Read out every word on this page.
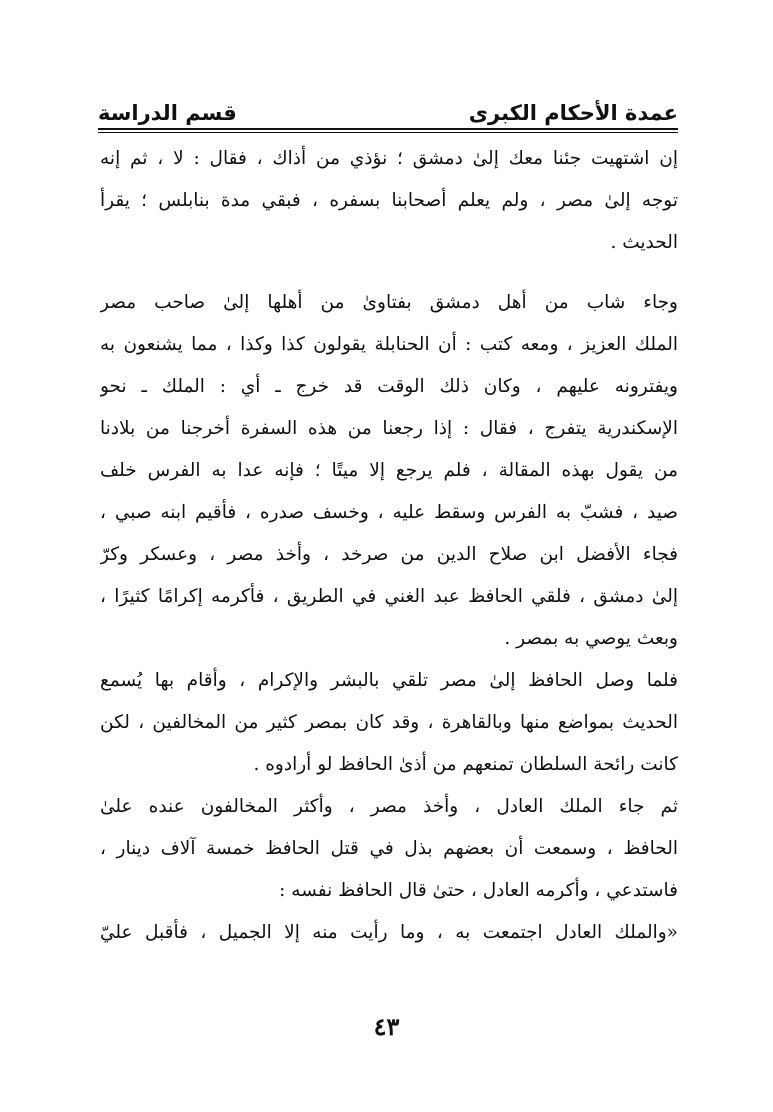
عمدة الأحكام الكبرى
قسم الدراسة
إن اشتهيت جئنا معك إلىٰ دمشق ؛ نؤذي من أذاك ، فقال : لا ، ثم إنه
توجه إلىٰ مصر ، ولم يعلم أصحابنا بسفره ، فبقي مدة بنابلس ؛ يقرأ
الحديث .
وجاء شاب من أهل دمشق بفتاوىٰ من أهلها إلىٰ صاحب مصر
الملك العزيز ، ومعه كتب : أن الحنابلة يقولون كذا وكذا ، مما يشنعون به
ويفترونه عليهم ، وكان ذلك الوقت قد خرج ـ أي : الملك ـ نحو
الإسكندرية يتفرج ، فقال : إذا رجعنا من هذه السفرة أخرجنا من بلادنا
من يقول بهذه المقالة ، فلم يرجع إلا ميتًا ؛ فإنه عدا به الفرس خلف
صيد ، فشبّ به الفرس وسقط عليه ، وخسف صدره ، فأقيم ابنه صبي ،
فجاء الأفضل ابن صلاح الدين من صرخد ، وأخذ مصر ، وعسكر وكرّ
إلىٰ دمشق ، فلقي الحافظ عبد الغني في الطريق ، فأكرمه إكرامًا كثيرًا ،
وبعث يوصي به بمصر .
فلما وصل الحافظ إلىٰ مصر تلقي بالبشر والإكرام ، وأقام بها يُسمع
الحديث بمواضع منها وبالقاهرة ، وقد كان بمصر كثير من المخالفين ، لكن
كانت رائحة السلطان تمنعهم من أذىٰ الحافظ لو أرادوه .
ثم جاء الملك العادل ، وأخذ مصر ، وأكثر المخالفون عنده علىٰ
الحافظ ، وسمعت أن بعضهم بذل في قتل الحافظ خمسة آلاف دينار ،
فاستدعي ، وأكرمه العادل ، حتىٰ قال الحافظ نفسه :
«والملك العادل اجتمعت به ، وما رأيت منه إلا الجميل ، فأقبل عليّ
٤٣
